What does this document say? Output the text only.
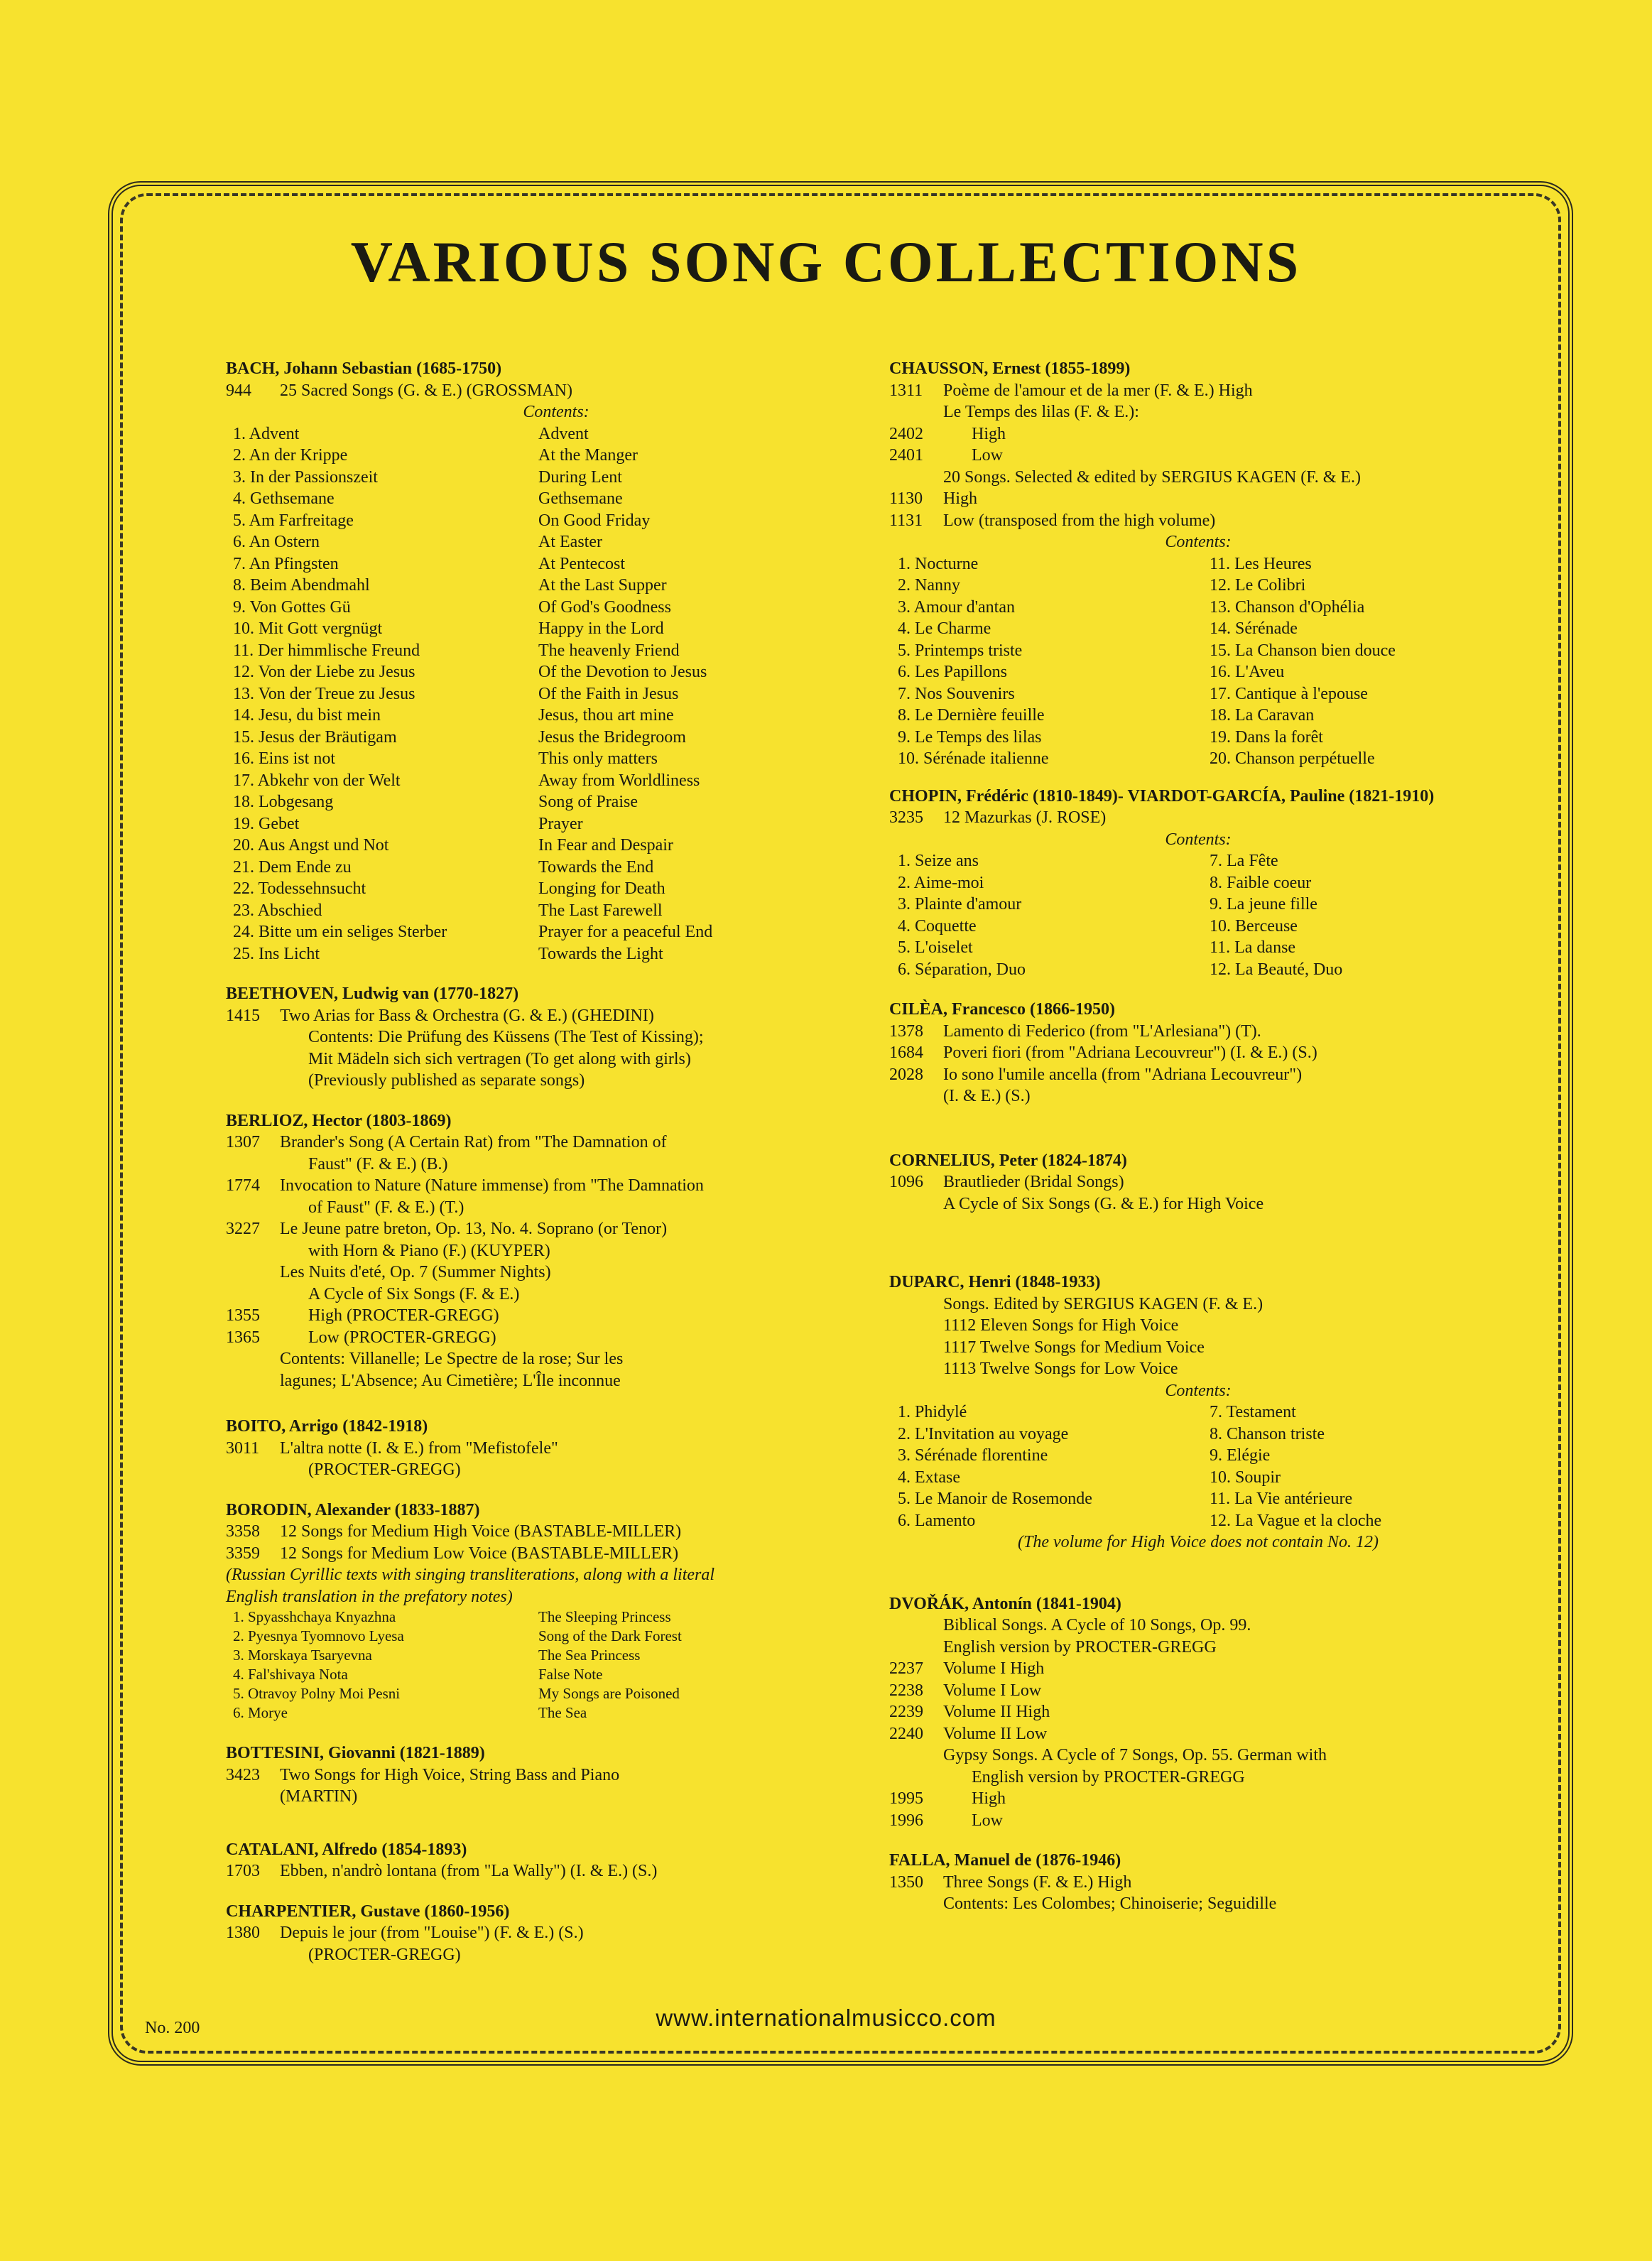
VARIOUS SONG COLLECTIONS
BACH, Johann Sebastian (1685-1750)
944	25 Sacred Songs (G. & E.) (GROSSMAN)
Contents:
1. Advent	Advent
2. An der Krippe	At the Manger
3. In der Passionszeit	During Lent
4. Gethsemane	Gethsemane
5. Am Farfreitage	On Good Friday
6. An Ostern	At Easter
7. An Pfingsten	At Pentecost
8. Beim Abendmahl	At the Last Supper
9. Von Gottes Gü	Of God's Goodness
10. Mit Gott vergnügt	Happy in the Lord
11. Der himmlische Freund	The heavenly Friend
12. Von der Liebe zu Jesus	Of the Devotion to Jesus
13. Von der Treue zu Jesus	Of the Faith in Jesus
14. Jesu, du bist mein	Jesus, thou art mine
15. Jesus der Bräutigam	Jesus the Bridegroom
16. Eins ist not	This only matters
17. Abkehr von der Welt	Away from Worldliness
18. Lobgesang	Song of Praise
19. Gebet	Prayer
20. Aus Angst und Not	In Fear and Despair
21. Dem Ende zu	Towards the End
22. Todessehnsucht	Longing for Death
23. Abschied	The Last Farewell
24. Bitte um ein seliges Sterber	Prayer for a peaceful End
25. Ins Licht	Towards the Light
BEETHOVEN, Ludwig van (1770-1827)
1415	Two Arias for Bass & Orchestra (G. & E.) (GHEDINI)
Contents: Die Prüfung des Küssens (The Test of Kissing);
Mit Mädeln sich sich vertragen (To get along with girls)
(Previously published as separate songs)
BERLIOZ, Hector (1803-1869)
1307	Brander's Song (A Certain Rat) from "The Damnation of
Faust" (F. & E.) (B.)
1774	Invocation to Nature (Nature immense) from "The Damnation
of Faust" (F. & E.) (T.)
3227	Le Jeune patre breton, Op. 13, No. 4. Soprano (or Tenor)
with Horn & Piano (F.) (KUYPER)
Les Nuits d'eté, Op. 7 (Summer Nights)
A Cycle of Six Songs (F. & E.)
1355	High (PROCTER-GREGG)
1365	Low (PROCTER-GREGG)
Contents: Villanelle; Le Spectre de la rose; Sur les
lagunes; L'Absence; Au Cimetière; L'Île inconnue
BOITO, Arrigo (1842-1918)
3011	L'altra notte (I. & E.) from "Mefistofele"
(PROCTER-GREGG)
BORODIN, Alexander (1833-1887)
3358	12 Songs for Medium High Voice (BASTABLE-MILLER)
3359	12 Songs for Medium Low Voice (BASTABLE-MILLER)
(Russian Cyrillic texts with singing transliterations, along with a literal English translation in the prefatory notes)
1. Spyasshchaya Knyazhna	The Sleeping Princess
2. Pyesnya Tyomnovo Lyesa	Song of the Dark Forest
3. Morskaya Tsaryevna	The Sea Princess
4. Fal'shivaya Nota	False Note
5. Otravoy Polny Moi Pesni	My Songs are Poisoned
6. Morye	The Sea
BOTTESINI, Giovanni (1821-1889)
3423	Two Songs for High Voice, String Bass and Piano
(MARTIN)
CATALANI, Alfredo (1854-1893)
1703	Ebben, n'andrò lontana (from "La Wally") (I. & E.) (S.)
CHARPENTIER, Gustave (1860-1956)
1380	Depuis le jour (from "Louise") (F. & E.) (S.)
(PROCTER-GREGG)
CHAUSSON, Ernest (1855-1899)
1311	Poème de l'amour et de la mer (F. & E.) High
Le Temps des lilas (F. & E.):
2402	High
2401	Low
20 Songs. Selected & edited by SERGIUS KAGEN (F. & E.)
1130	High
1131	Low (transposed from the high volume)
Contents:
1. Nocturne	11. Les Heures
2. Nanny	12. Le Colibri
3. Amour d'antan	13. Chanson d'Ophélia
4. Le Charme	14. Sérénade
5. Printemps triste	15. La Chanson bien douce
6. Les Papillons	16. L'Aveu
7. Nos Souvenirs	17. Cantique à l'epouse
8. Le Dernière feuille	18. La Caravan
9. Le Temps des lilas	19. Dans la forêt
10. Sérénade italienne	20. Chanson perpétuelle
CHOPIN, Frédéric (1810-1849)- VIARDOT-GARCÍA, Pauline (1821-1910)
3235	12 Mazurkas (J. ROSE)
Contents:
1. Seize ans	7. La Fête
2. Aime-moi	8. Faible coeur
3. Plainte d'amour	9. La jeune fille
4. Coquette	10. Berceuse
5. L'oiselet	11. La danse
6. Séparation, Duo	12. La Beauté, Duo
CILÈA, Francesco (1866-1950)
1378	Lamento di Federico (from "L'Arlesiana") (T).
1684	Poveri fiori (from "Adriana Lecouvreur") (I. & E.) (S.)
2028	Io sono l'umile ancella (from "Adriana Lecouvreur")
(I. & E.) (S.)
CORNELIUS, Peter (1824-1874)
1096	Brautlieder (Bridal Songs)
A Cycle of Six Songs (G. & E.) for High Voice
DUPARC, Henri (1848-1933)
Songs. Edited by SERGIUS KAGEN (F. & E.)
1112 Eleven Songs for High Voice
1117 Twelve Songs for Medium Voice
1113 Twelve Songs for Low Voice
Contents:
1. Phidylé	7. Testament
2. L'Invitation au voyage	8. Chanson triste
3. Sérénade florentine	9. Elégie
4. Extase	10. Soupir
5. Le Manoir de Rosemonde	11. La Vie antérieure
6. Lamento	12. La Vague et la cloche
(The volume for High Voice does not contain No. 12)
DVOŘÁK, Antonín (1841-1904)
Biblical Songs. A Cycle of 10 Songs, Op. 99.
English version by PROCTER-GREGG
2237	Volume I High
2238	Volume I Low
2239	Volume II High
2240	Volume II Low
Gypsy Songs. A Cycle of 7 Songs, Op. 55. German with
English version by PROCTER-GREGG
1995	High
1996	Low
FALLA, Manuel de (1876-1946)
1350	Three Songs (F. & E.) High
Contents: Les Colombes; Chinoiserie; Seguidille
No. 200	www.internationalmusicco.com
